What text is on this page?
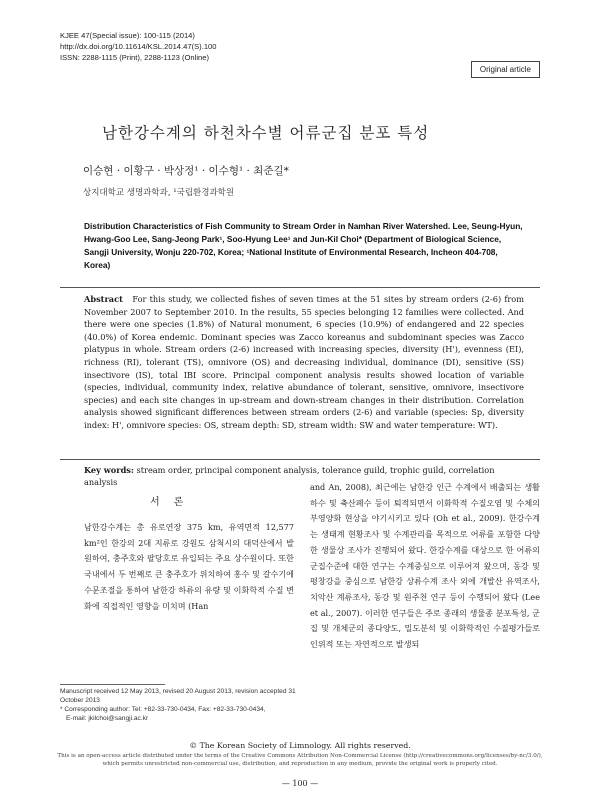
KJEE 47(Special issue): 100-115 (2014)
http://dx.doi.org/10.11614/KSL.2014.47(S).100
ISSN: 2288-1115 (Print), 2288-1123 (Online)
Original article
남한강수계의 하천차수별 어류군집 분포 특성
이승현 · 이황구 · 박상정¹ · 이수형¹ · 최준길*
상지대학교 생명과학과, ¹국립환경과학원
Distribution Characteristics of Fish Community to Stream Order in Namhan River Watershed. Lee, Seung-Hyun, Hwang-Goo Lee, Sang-Jeong Park¹, Soo-Hyung Lee¹ and Jun-Kil Choi* (Department of Biological Science, Sangji University, Wonju 220-702, Korea; ¹National Institute of Environmental Research, Incheon 404-708, Korea)
Abstract For this study, we collected fishes of seven times at the 51 sites by stream orders (2-6) from November 2007 to September 2010. In the results, 55 species belonging 12 families were collected. And there were one species (1.8%) of Natural monument, 6 species (10.9%) of endangered and 22 species (40.0%) of Korea endemic. Dominant species was Zacco koreanus and subdominant species was Zacco platypus in whole. Stream orders (2-6) increased with increasing species, diversity (H'), evenness (EI), richness (RI), tolerant (TS), omnivore (OS) and decreasing individual, dominance (DI), sensitive (SS) insectivore (IS), total IBI score. Principal component analysis results showed location of variable (species, individual, community index, relative abundance of tolerant, sensitive, omnivore, insectivore species) and each site changes in up-stream and down-stream changes in their distribution. Correlation analysis showed significant differences between stream orders (2-6) and variable (species: Sp, diversity index: H', omnivore species: OS, stream depth: SD, stream width: SW and water temperature: WT).
Key words: stream order, principal component analysis, tolerance guild, trophic guild, correlation analysis
서론
남한강수계는 총 유로연장 375 km, 유역면적 12,577 km²인 한강의 2대 지류로 강원도 삼척시의 대덕산에서 발원하여, 충주호와 팔당호로 유입되는 주요 상수원이다. 또한 국내에서 두 번째로 큰 충주호가 위치하여 홍수 및 갈수기에 수문조절을 통하여 남한강 하류의 유량 및 이화학적 수질 변화에 직접적인 영향을 미치며 (Han
and An, 2008), 최근에는 남한강 인근 수계에서 배출되는 생활하수 및 축산폐수 등이 퇴적되면서 이화학적 수질오염 및 수체의 부영양화 현상을 야기시키고 있다 (Oh et al., 2009). 한강수계는 생태계 현황조사 및 수계관리를 목적으로 어류를 포함한 다양한 생물상 조사가 진행되어 왔다. 한강수계를 대상으로 한 어류의 군집수준에 대한 연구는 수계중심으로 이루어져 왔으며, 동강 및 평창강을 중심으로 남한강 상류수계 조사 외에 개발산 유역조사, 치악산 계류조사, 동강 및 원주천 연구 등이 수행되어 왔다 (Lee et al., 2007). 이러한 연구들은 주로 종래의 생물종 분포특성, 군집 및 개체군의 종다양도, 밀도분석 및 이화학적인 수질평가들로 인위적 또는 자연적으로 발생되
Manuscript received 12 May 2013, revised 20 August 2013, revision accepted 31 October 2013
* Corresponding author: Tel: +82-33-730-0434, Fax: +82-33-730-0434,
E-mail: jkilchoi@sangji.ac.kr
© The Korean Society of Limnology. All rights reserved.
This is an open-access article distributed under the terms of the Creative Commons Attribution Non-Commercial License (http://creativecommons.org/licenses/by-nc/3.0/), which permits unrestricted non-commercial use, distribution, and reproduction in any medium, provide the original work is properly cited.
— 100 —
